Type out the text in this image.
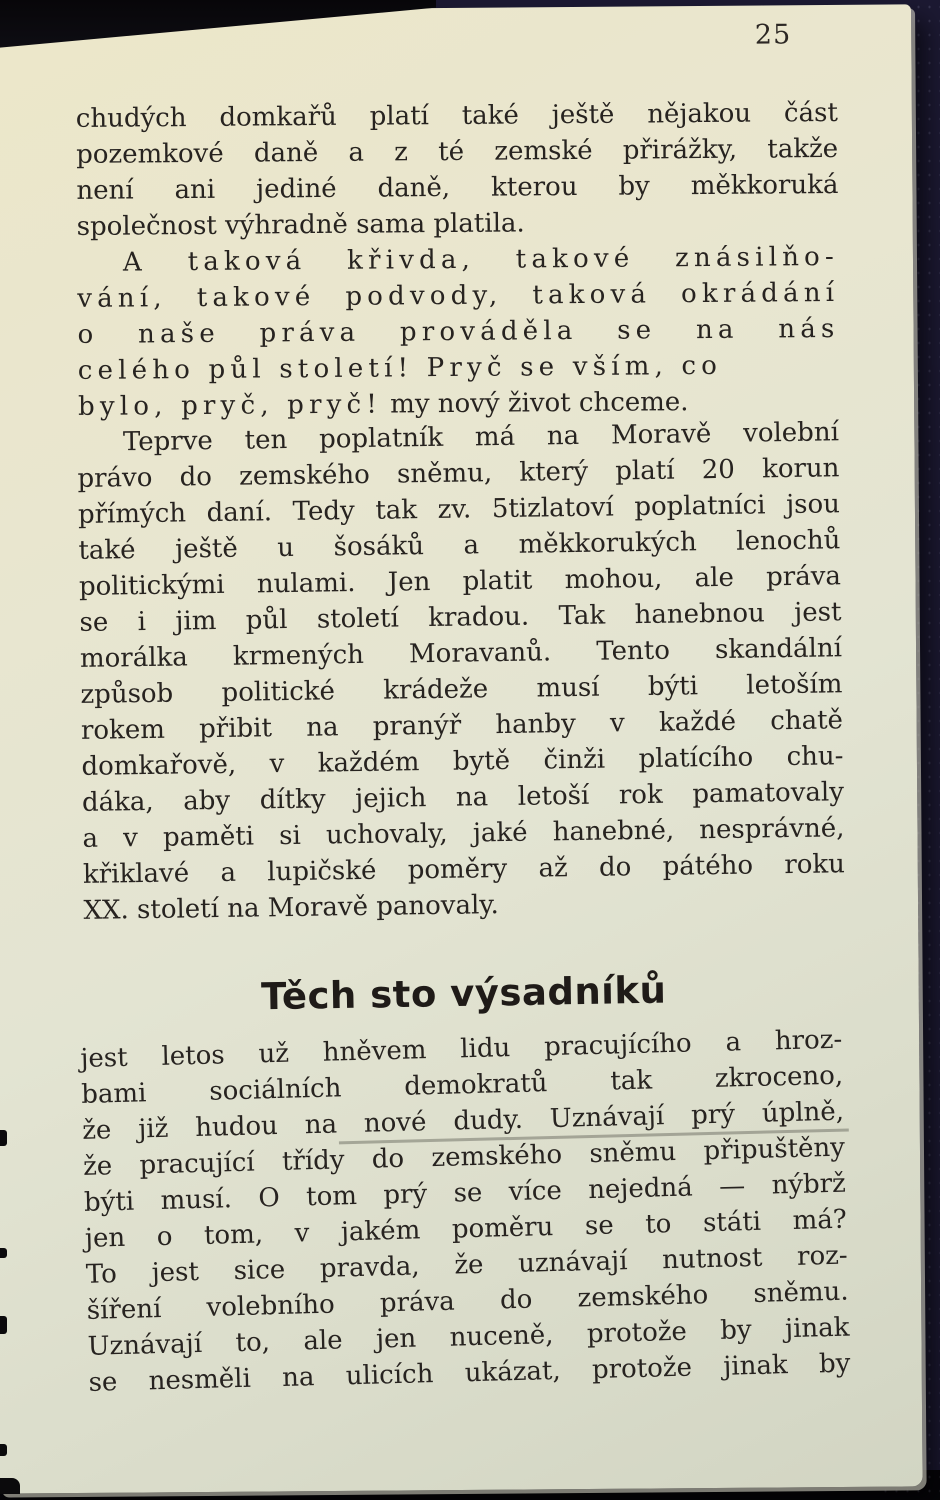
25
chudých domkařů platí také ještě nějakou část
pozemkové daně a z té zemské přirážky, takže
není ani jediné daně, kterou by měkkoruká
společnost výhradně sama platila.
A taková křivda, takové znásilňo-
vání, takové podvody, taková okrádání
o naše práva prováděla se na nás
celého půl století! Pryč se vším, co
bylo, pryč, pryč! my nový život chceme.
Teprve ten poplatník má na Moravě volební
právo do zemského sněmu, který platí 20 korun
přímých daní. Tedy tak zv. 5tizlatoví poplatníci jsou
také ještě u šosáků a měkkorukých lenochů
politickými nulami. Jen platit mohou, ale práva
se i jim půl století kradou. Tak hanebnou jest
morálka krmených Moravanů. Tento skandální
způsob politické krádeže musí býti letoším
rokem přibit na pranýř hanby v každé chatě
domkařově, v každém bytě činži platícího chu-
dáka, aby dítky jejich na letoší rok pamatovaly
a v paměti si uchovaly, jaké hanebné, nesprávné,
křiklavé a lupičské poměry až do pátého roku
XX. století na Moravě panovaly.
Těch sto výsadníků
jest letos už hněvem lidu pracujícího a hroz-
bami sociálních demokratů tak zkroceno,
že již hudou na nové dudy. Uznávají prý úplně,
že pracující třídy do zemského sněmu připuštěny
býti musí. O tom prý se více nejedná — nýbrž
jen o tom, v jakém poměru se to státi má?
To jest sice pravda, že uznávají nutnost roz-
šíření volebního práva do zemského sněmu.
Uznávají to, ale jen nuceně, protože by jinak
se nesměli na ulicích ukázat, protože jinak by
